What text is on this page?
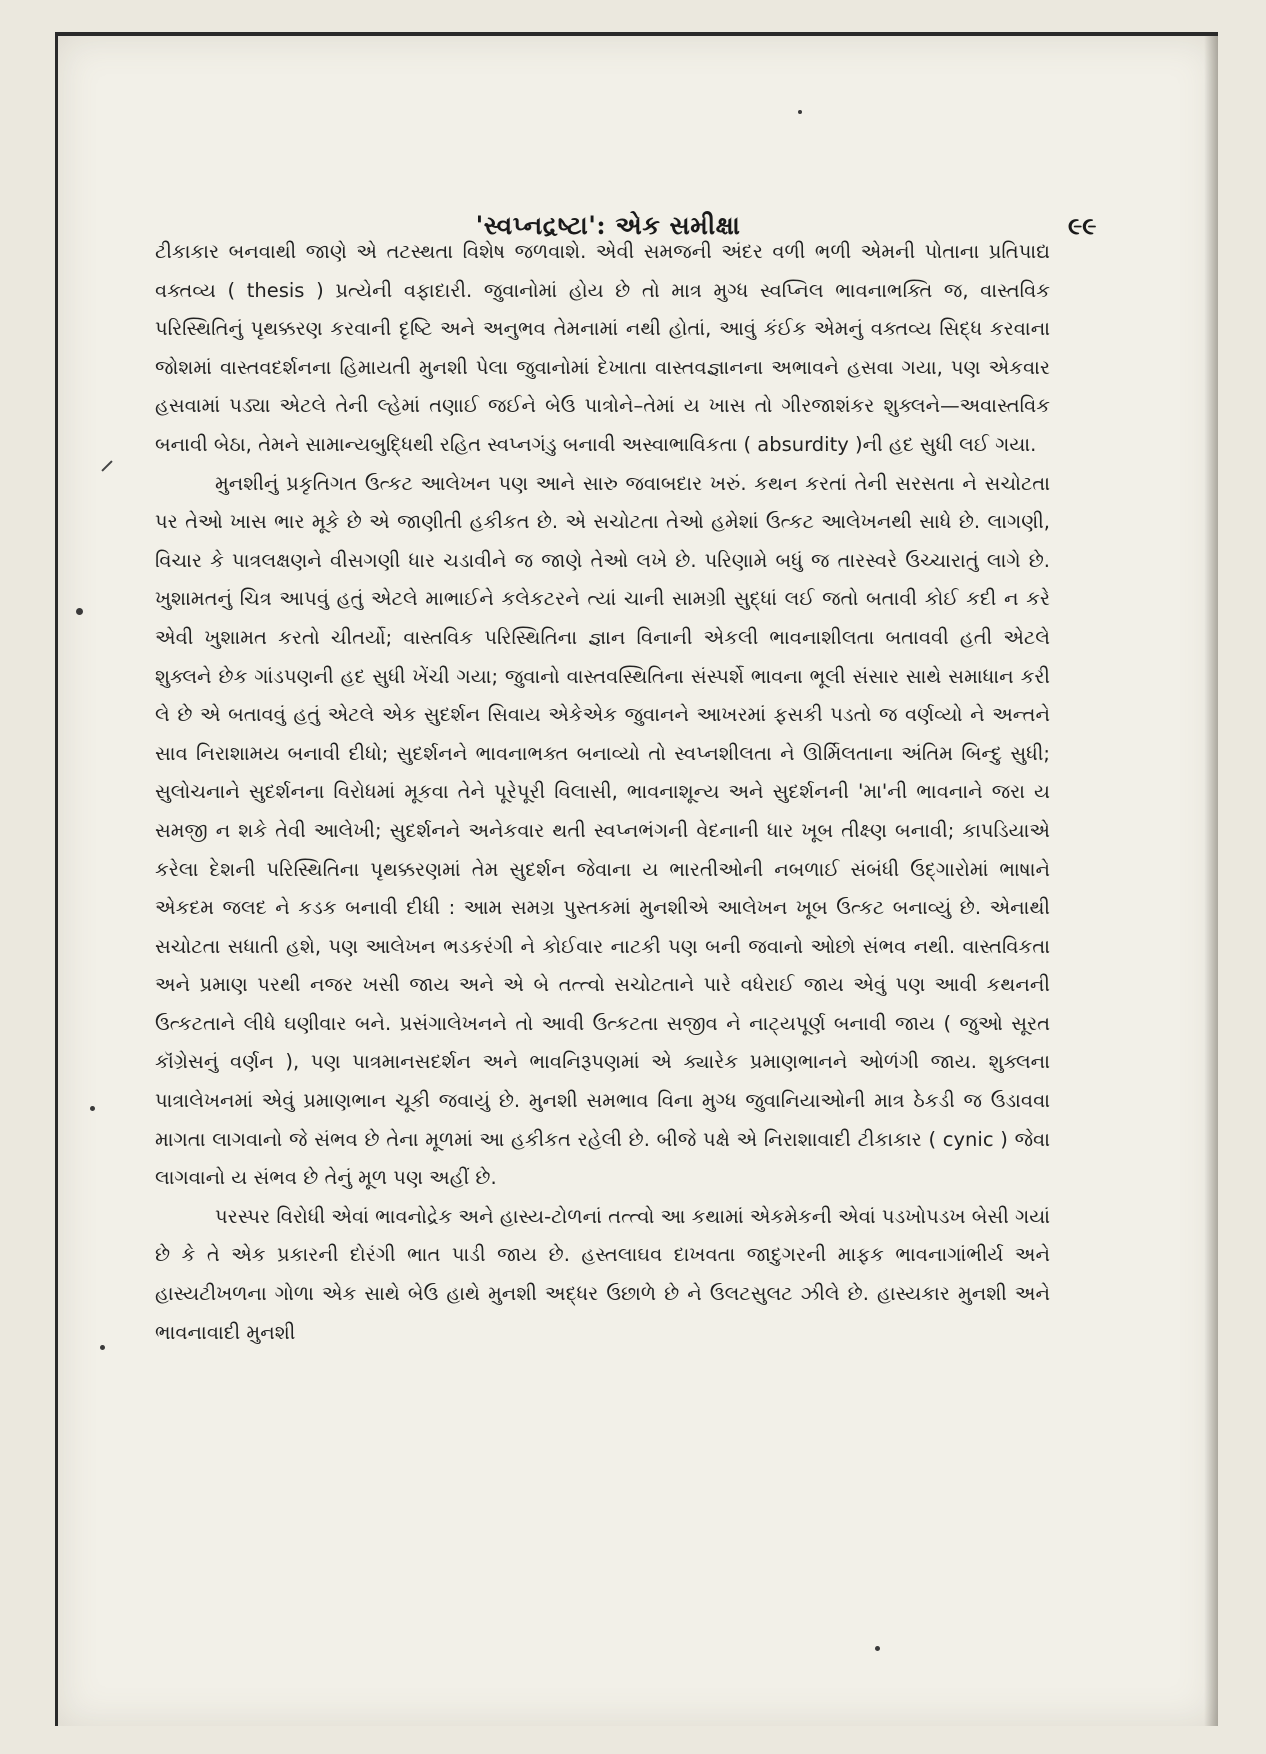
'સ્વપ્નદ્રષ્ટા': એક સમીક્ષા	૯૯

ટીકાકાર બનવાથી જાણે એ તટસ્થતા વિશેષ જળવાશે. એવી સમજની અંદર વળી ભળી એમની પોતાના પ્રતિપાદ્ય વક્તવ્ય ( thesis ) પ્રત્યેની વફાદારી. જુવાનોમાં હોય છે તો માત્ર મુગ્ધ સ્વપ્નિલ ભાવનાભક્તિ જ, વાસ્તવિક પરિસ્થિતિનું પૃથક્કરણ કરવાની દૃષ્ટિ અને અનુભવ તેમનામાં નથી હોતાં, આવું કંઈક એમનું વક્તવ્ય સિદ્ધ કરવાના જોશમાં વાસ્તવદર્શનના હિમાયતી મુનશી પેલા જુવાનોમાં દેખાતા વાસ્તવજ્ઞાનના અભાવને હસવા ગયા, પણ એકવાર હસવામાં પડ્યા એટલે તેની લ્હેમાં તણાઈ જઈને બેઉ પાત્રોને–તેમાં ય ખાસ તો ગીરજાશંકર શુક્લને—અવાસ્તવિક બનાવી બેઠા, તેમને સામાન્યબુદ્ધિથી રહિત સ્વપ્નગંડુ બનાવી અસ્વાભાવિકતા ( absurdity )ની હદ સુધી લઈ ગયા.

મુનશીનું પ્રકૃતિગત ઉત્કટ આલેખન પણ આને સારુ જવાબદાર ખરું. કથન કરતાં તેની સરસતા ને સચોટતા પર તેઓ ખાસ ભાર મૂકે છે એ જાણીતી હકીકત છે. એ સચોટતા તેઓ હમેશાં ઉત્કટ આલેખનથી સાધે છે. લાગણી, વિચાર કે પાત્રલક્ષણને વીસગણી ધાર ચડાવીને જ જાણે તેઓ લખે છે. પરિણામે બધું જ તારસ્વરે ઉચ્ચારાતું લાગે છે. ખુશામતનું ચિત્ર આપવું હતું એટલે માભાઈને કલેકટરને ત્યાં ચાની સામગ્રી સુદ્ધાં લઈ જતો બતાવી કોઈ કદી ન કરે એવી ખુશામત કરતો ચીતર્યો; વાસ્તવિક પરિસ્થિતિના જ્ઞાન વિનાની એકલી ભાવનાશીલતા બતાવવી હતી એટલે શુક્લને છેક ગાંડપણની હદ સુધી ખેંચી ગયા; જુવાનો વાસ્તવસ્થિતિના સંસ્પર્શે ભાવના ભૂલી સંસાર સાથે સમાધાન કરી લે છે એ બતાવવું હતું એટલે એક સુદર્શન સિવાય એકેએક જુવાનને આખરમાં ફસકી પડતો જ વર્ણવ્યો ને અન્તને સાવ નિરાશામય બનાવી દીધો; સુદર્શનને ભાવનાભક્ત બનાવ્યો તો સ્વપ્નશીલતા ને ઊર્મિલતાના અંતિમ બિન્દુ સુધી; સુલોચનાને સુદર્શનના વિરોધમાં મૂકવા તેને પૂરેપૂરી વિલાસી, ભાવનાશૂન્ય અને સુદર્શનની 'મા'ની ભાવનાને જરા ય સમજી ન શકે તેવી આલેખી; સુદર્શનને અનેકવાર થતી સ્વપ્નભંગની વેદનાની ધાર ખૂબ તીક્ષ્ણ બનાવી; કાપડિયાએ કરેલા દેશની પરિસ્થિતિના પૃથક્કરણમાં તેમ સુદર્શન જેવાના ય ભારતીઓની નબળાઈ સંબંધી ઉદ્ગારોમાં ભાષાને એકદમ જલદ ને કડક બનાવી દીધી : આમ સમગ્ર પુસ્તકમાં મુનશીએ આલેખન ખૂબ ઉત્કટ બનાવ્યું છે. એનાથી સચોટતા સધાતી હશે, પણ આલેખન ભડકરંગી ને કોઈવાર નાટકી પણ બની જવાનો ઓછો સંભવ નથી. વાસ્તવિકતા અને પ્રમાણ પરથી નજર ખસી જાય અને એ બે તત્ત્વો સચોટતાને પારે વધેરાઈ જાય એવું પણ આવી કથનની ઉત્કટતાને લીધે ઘણીવાર બને. પ્રસંગાલેખનને તો આવી ઉત્કટતા સજીવ ને નાટ્યપૂર્ણ બનાવી જાય ( જુઓ સૂરત કૉંગ્રેસનું વર્ણન ), પણ પાત્રમાનસદર્શન અને ભાવનિરૂપણમાં એ ક્યારેક પ્રમાણભાનને ઓળંગી જાય. શુક્લના પાત્રાલેખનમાં એવું પ્રમાણભાન ચૂકી જવાયું છે. મુનશી સમભાવ વિના મુગ્ધ જુવાનિયાઓની માત્ર ઠેકડી જ ઉડાવવા માગતા લાગવાનો જે સંભવ છે તેના મૂળમાં આ હકીકત રહેલી છે. બીજે પક્ષે એ નિરાશાવાદી ટીકાકાર ( cynic ) જેવા લાગવાનો ય સંભવ છે તેનું મૂળ પણ અહીં છે.

પરસ્પર વિરોધી એવાં ભાવનોદ્રેક અને હાસ્ય-ટોળનાં તત્ત્વો આ કથામાં એકમેકની એવાં પડખોપડખ બેસી ગયાં છે કે તે એક પ્રકારની દોરંગી ભાત પાડી જાય છે. હસ્તલાઘવ દાખવતા જાદુગરની માફક ભાવનાગાંભીર્ય અને હાસ્યટીખળના ગોળા એક સાથે બેઉ હાથે મુનશી અદ્ધર ઉછાળે છે ને ઉલટસુલટ ઝીલે છે. હાસ્યકાર મુનશી અને ભાવનાવાદી મુનશી
